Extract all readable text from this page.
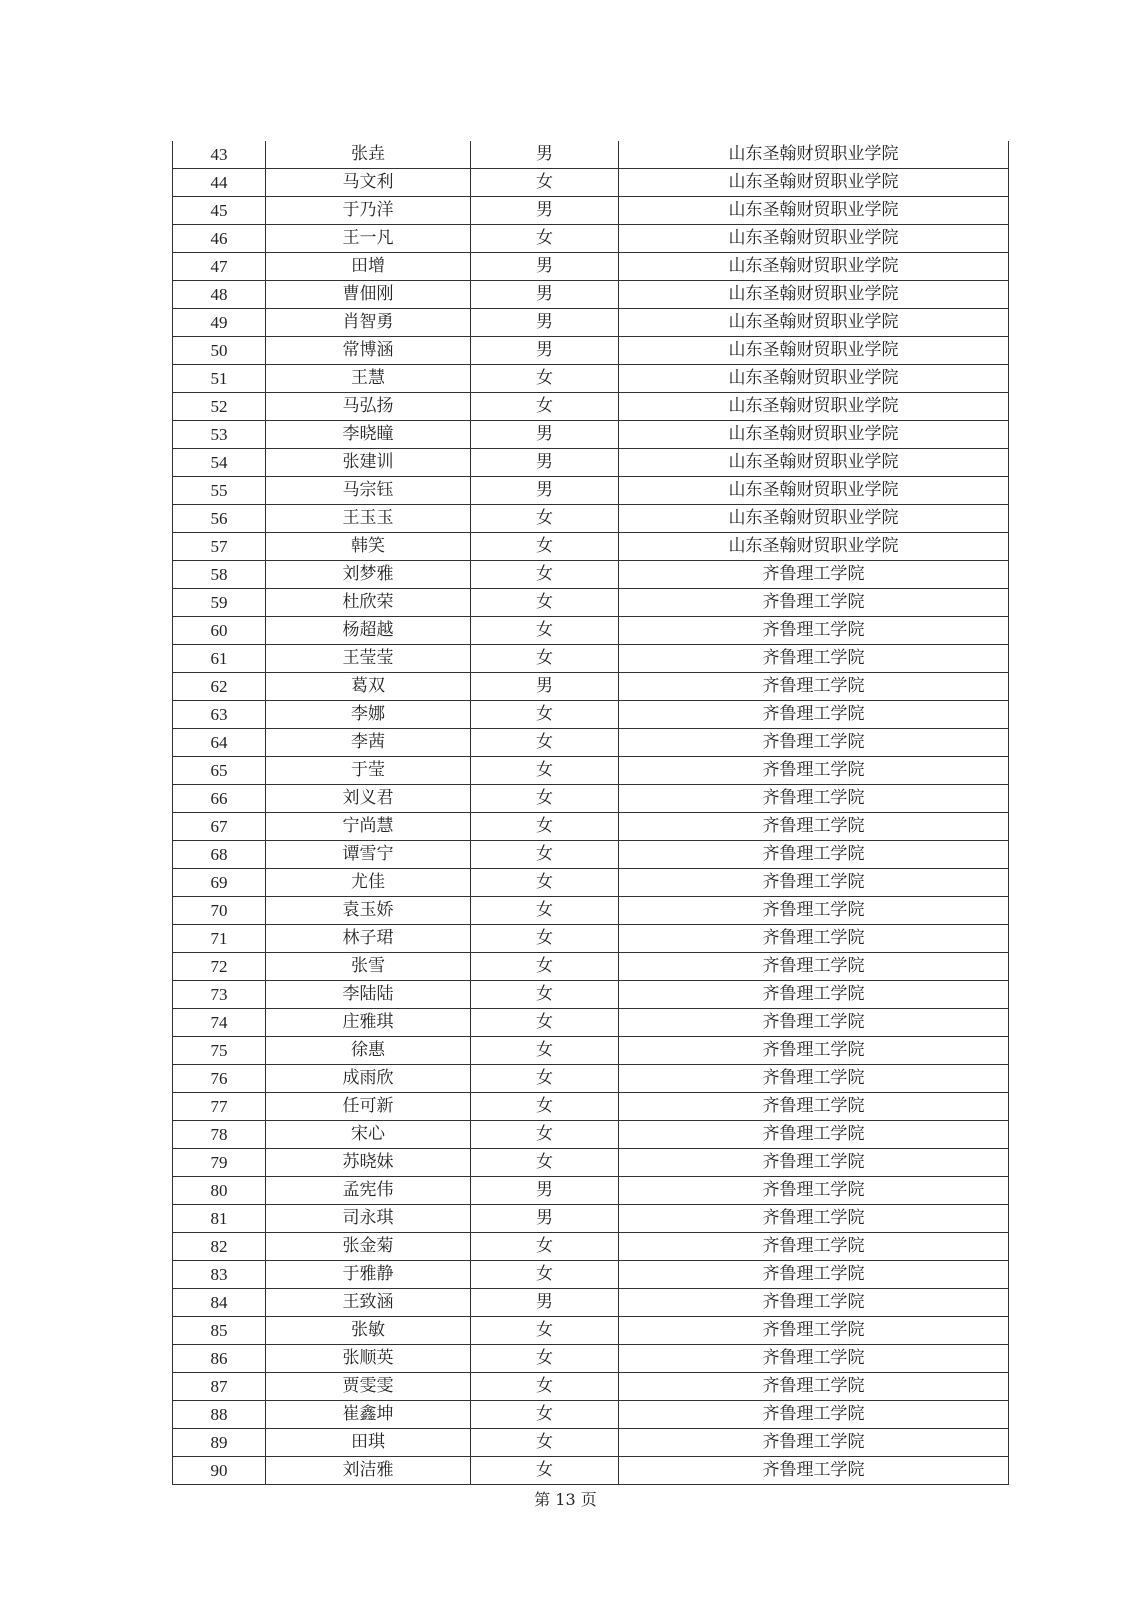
43	张垚	男	山东圣翰财贸职业学院
44	马文利	女	山东圣翰财贸职业学院
45	于乃洋	男	山东圣翰财贸职业学院
46	王一凡	女	山东圣翰财贸职业学院
47	田增	男	山东圣翰财贸职业学院
48	曹佃刚	男	山东圣翰财贸职业学院
49	肖智勇	男	山东圣翰财贸职业学院
50	常博涵	男	山东圣翰财贸职业学院
51	王慧	女	山东圣翰财贸职业学院
52	马弘扬	女	山东圣翰财贸职业学院
53	李晓瞳	男	山东圣翰财贸职业学院
54	张建训	男	山东圣翰财贸职业学院
55	马宗钰	男	山东圣翰财贸职业学院
56	王玉玉	女	山东圣翰财贸职业学院
57	韩笑	女	山东圣翰财贸职业学院
58	刘梦雅	女	齐鲁理工学院
59	杜欣荣	女	齐鲁理工学院
60	杨超越	女	齐鲁理工学院
61	王莹莹	女	齐鲁理工学院
62	葛双	男	齐鲁理工学院
63	李娜	女	齐鲁理工学院
64	李茜	女	齐鲁理工学院
65	于莹	女	齐鲁理工学院
66	刘义君	女	齐鲁理工学院
67	宁尚慧	女	齐鲁理工学院
68	谭雪宁	女	齐鲁理工学院
69	尤佳	女	齐鲁理工学院
70	袁玉娇	女	齐鲁理工学院
71	林子珺	女	齐鲁理工学院
72	张雪	女	齐鲁理工学院
73	李陆陆	女	齐鲁理工学院
74	庄雅琪	女	齐鲁理工学院
75	徐惠	女	齐鲁理工学院
76	成雨欣	女	齐鲁理工学院
77	任可新	女	齐鲁理工学院
78	宋心	女	齐鲁理工学院
79	苏晓妹	女	齐鲁理工学院
80	孟宪伟	男	齐鲁理工学院
81	司永琪	男	齐鲁理工学院
82	张金菊	女	齐鲁理工学院
83	于雅静	女	齐鲁理工学院
84	王致涵	男	齐鲁理工学院
85	张敏	女	齐鲁理工学院
86	张顺英	女	齐鲁理工学院
87	贾雯雯	女	齐鲁理工学院
88	崔鑫坤	女	齐鲁理工学院
89	田琪	女	齐鲁理工学院
90	刘洁雅	女	齐鲁理工学院
第 13 页
